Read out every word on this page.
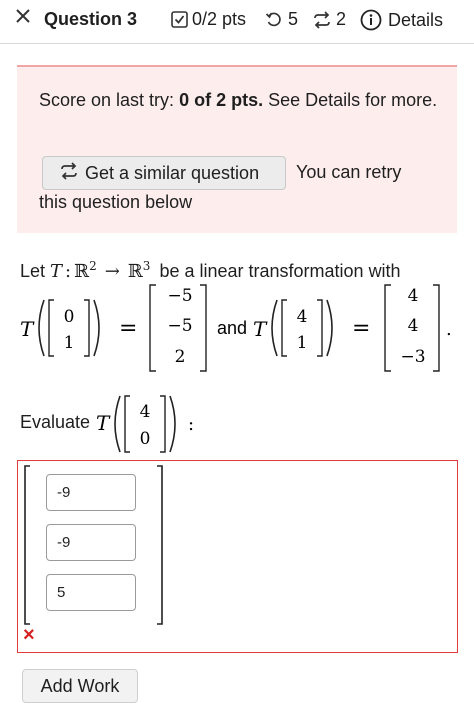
Question 3	0/2 pts 5 2 Details
Score on last try: 0 of 2 pts. See Details for more.
Get a similar question You can retry
this question below
Let T : ℝ$^2$ → ℝ$^3$ be a linear transformation with
T 0
1
=
−5
−5
2
and T 4
1
=
4
4
−3
.
Evaluate T 4
0
:
-9
-9
5
×
Add Work
